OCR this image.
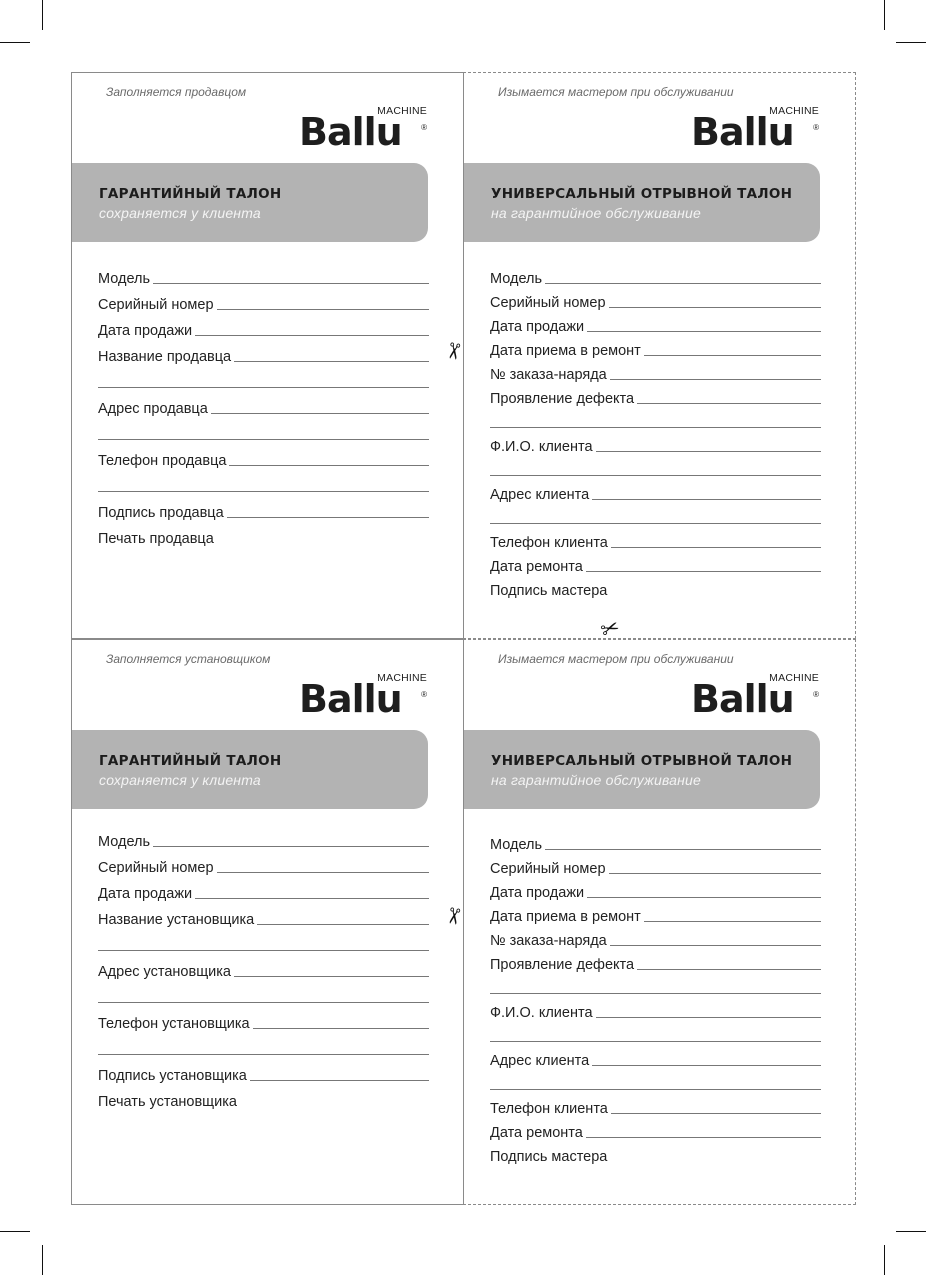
Заполняется продавцом
Ballu
MACHINE
®
ГАРАНТИЙНЫЙ ТАЛОН
сохраняется у клиента
Модель
Серийный номер
Дата продажи
Название продавца
Адрес продавца
Телефон продавца
Подпись продавца
Печать продавца
Изымается мастером при обслуживании
Ballu
MACHINE
®
УНИВЕРСАЛЬНЫЙ ОТРЫВНОЙ ТАЛОН
на гарантийное обслуживание
Модель
Серийный номер
Дата продажи
Дата приема в ремонт
№ заказа-наряда
Проявление дефекта
Ф.И.О. клиента
Адрес клиента
Телефон клиента
Дата ремонта
Подпись мастера
Заполняется установщиком
Ballu
MACHINE
®
ГАРАНТИЙНЫЙ ТАЛОН
сохраняется у клиента
Модель
Серийный номер
Дата продажи
Название установщика
Адрес установщика
Телефон установщика
Подпись установщика
Печать установщика
Изымается мастером при обслуживании
Ballu
MACHINE
®
УНИВЕРСАЛЬНЫЙ ОТРЫВНОЙ ТАЛОН
на гарантийное обслуживание
Модель
Серийный номер
Дата продажи
Дата приема в ремонт
№ заказа-наряда
Проявление дефекта
Ф.И.О. клиента
Адрес клиента
Телефон клиента
Дата ремонта
Подпись мастера
✂
✂
✂
